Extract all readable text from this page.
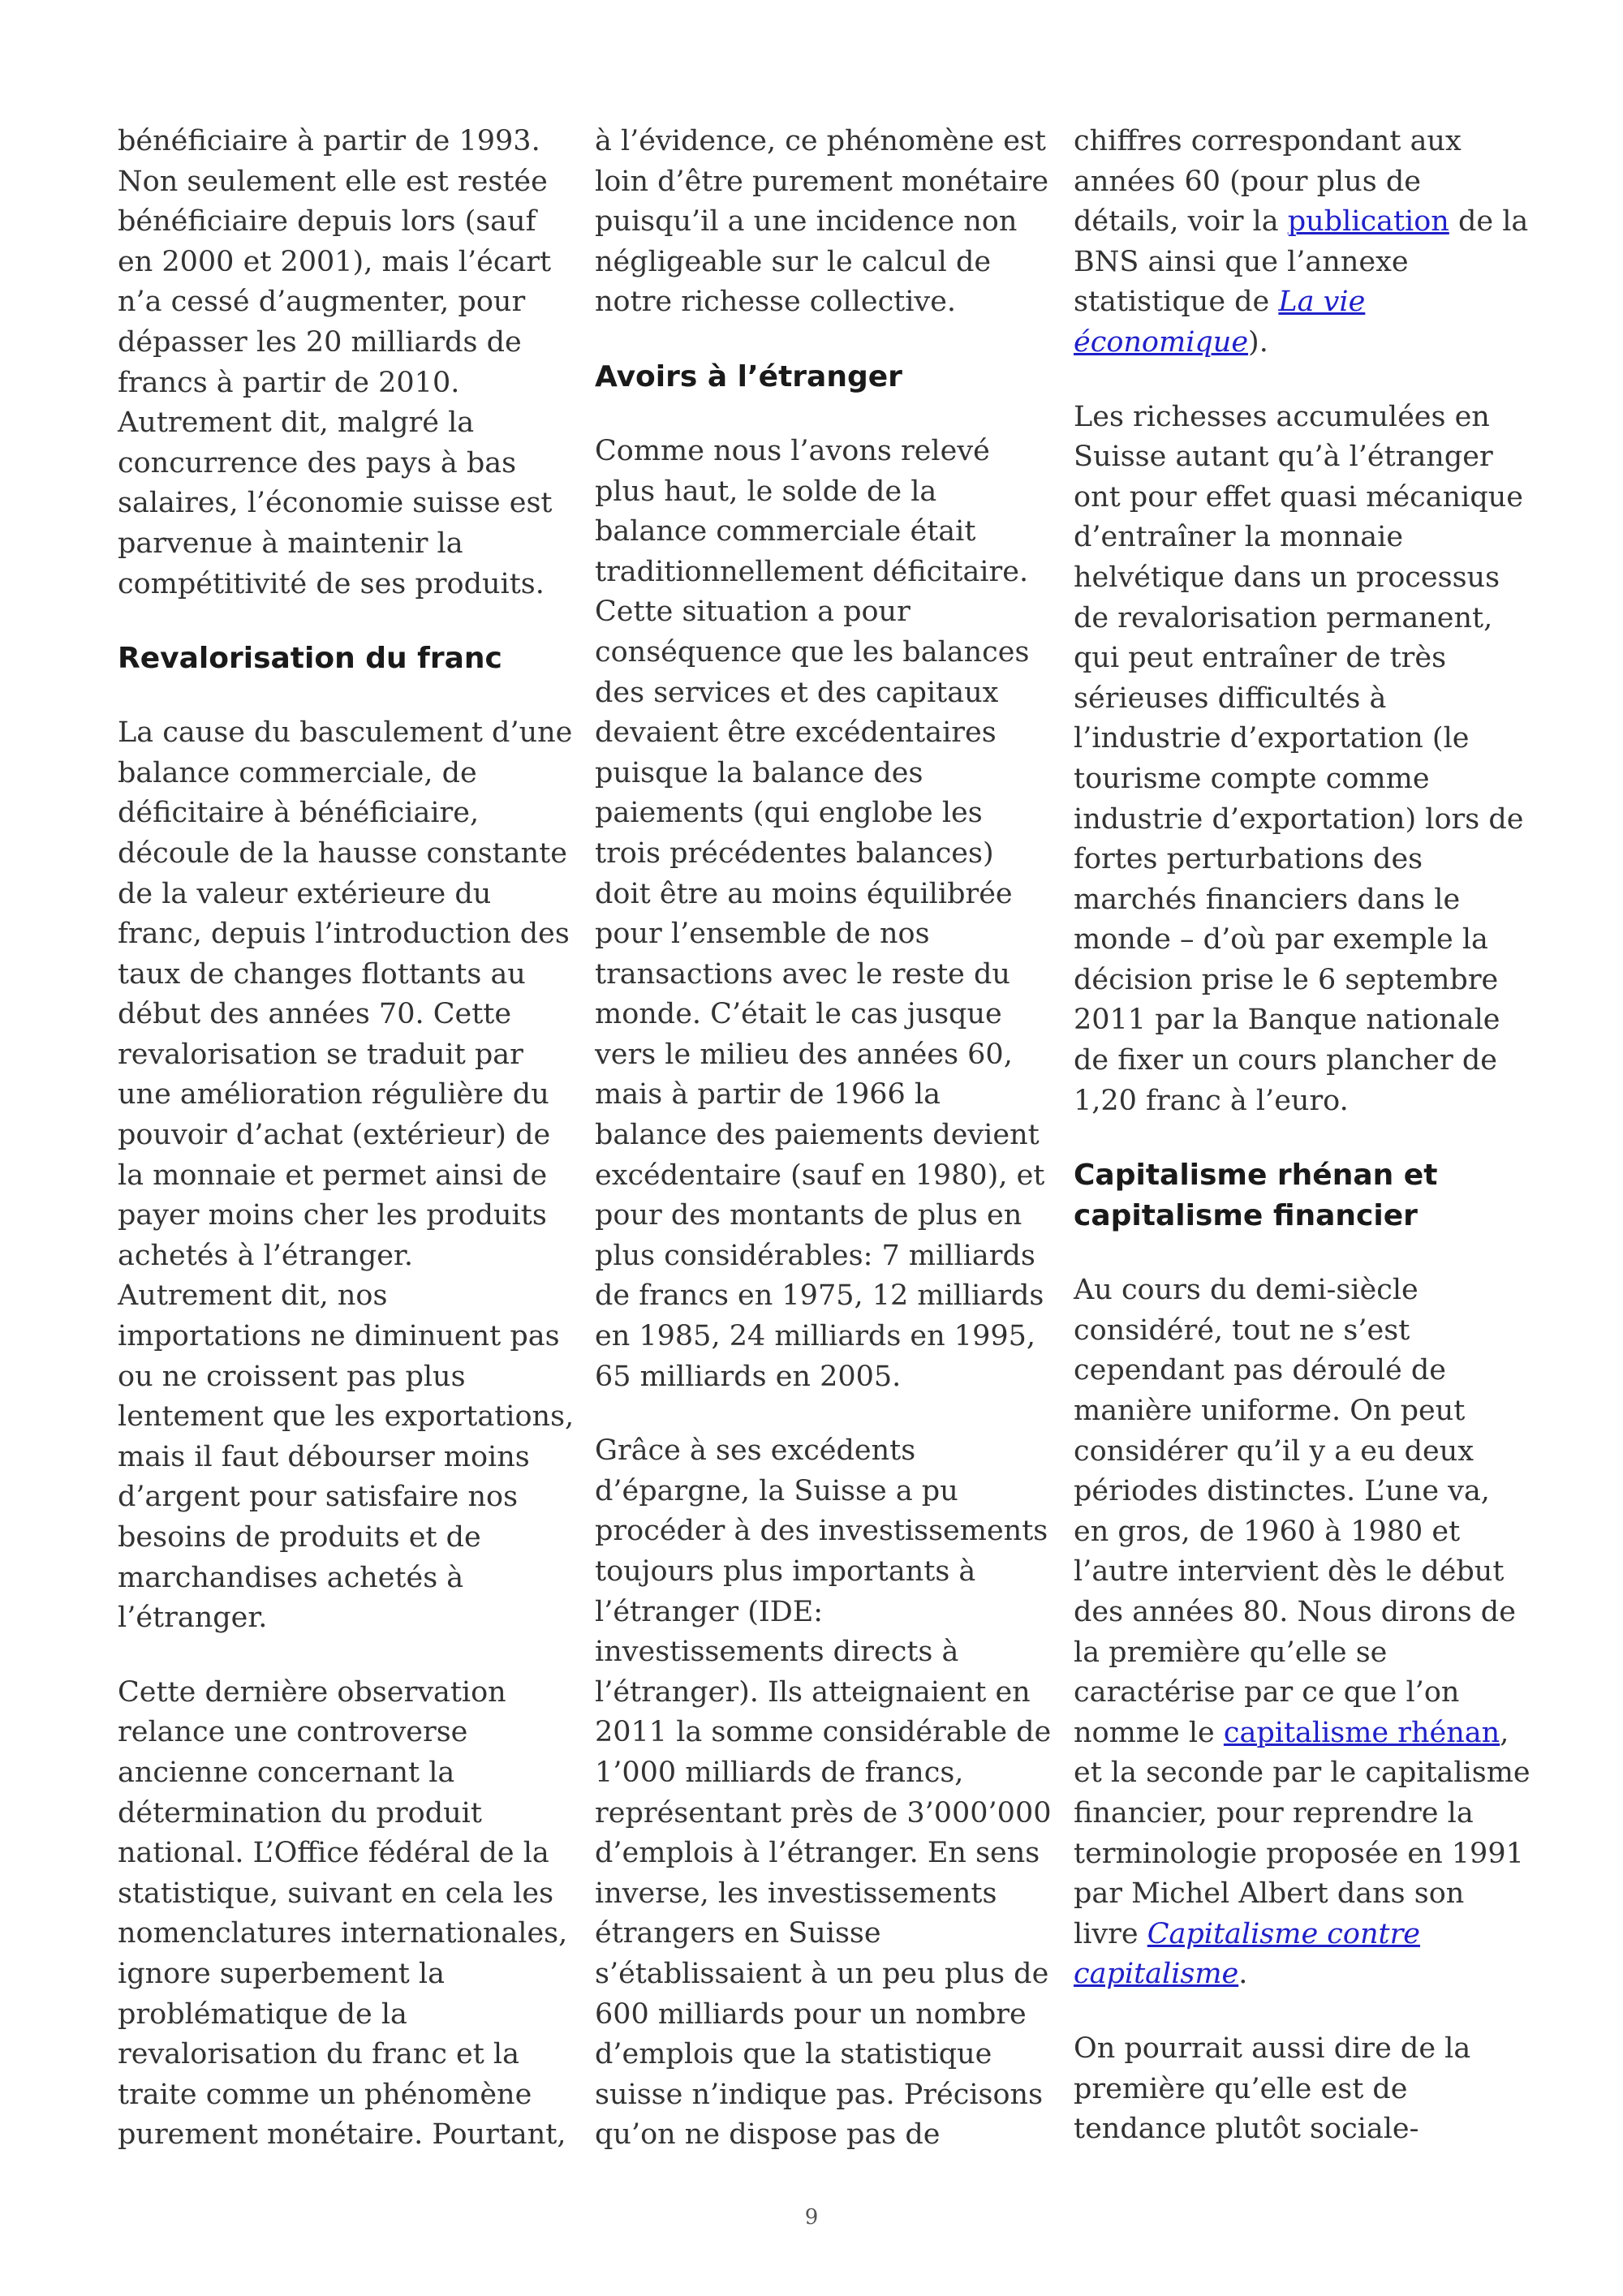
bénéficiaire à partir de 1993.
Non seulement elle est restée
bénéficiaire depuis lors (sauf
en 2000 et 2001), mais l’écart
n’a cessé d’augmenter, pour
dépasser les 20 milliards de
francs à partir de 2010.
Autrement dit, malgré la
concurrence des pays à bas
salaires, l’économie suisse est
parvenue à maintenir la
compétitivité de ses produits.
Revalorisation du franc
La cause du basculement d’une
balance commerciale, de
déficitaire à bénéficiaire,
découle de la hausse constante
de la valeur extérieure du
franc, depuis l’introduction des
taux de changes flottants au
début des années 70. Cette
revalorisation se traduit par
une amélioration régulière du
pouvoir d’achat (extérieur) de
la monnaie et permet ainsi de
payer moins cher les produits
achetés à l’étranger.
Autrement dit, nos
importations ne diminuent pas
ou ne croissent pas plus
lentement que les exportations,
mais il faut débourser moins
d’argent pour satisfaire nos
besoins de produits et de
marchandises achetés à
l’étranger.
Cette dernière observation
relance une controverse
ancienne concernant la
détermination du produit
national. L’Office fédéral de la
statistique, suivant en cela les
nomenclatures internationales,
ignore superbement la
problématique de la
revalorisation du franc et la
traite comme un phénomène
purement monétaire. Pourtant,
à l’évidence, ce phénomène est
loin d’être purement monétaire
puisqu’il a une incidence non
négligeable sur le calcul de
notre richesse collective.
Avoirs à l’étranger
Comme nous l’avons relevé
plus haut, le solde de la
balance commerciale était
traditionnellement déficitaire.
Cette situation a pour
conséquence que les balances
des services et des capitaux
devaient être excédentaires
puisque la balance des
paiements (qui englobe les
trois précédentes balances)
doit être au moins équilibrée
pour l’ensemble de nos
transactions avec le reste du
monde. C’était le cas jusque
vers le milieu des années 60,
mais à partir de 1966 la
balance des paiements devient
excédentaire (sauf en 1980), et
pour des montants de plus en
plus considérables: 7 milliards
de francs en 1975, 12 milliards
en 1985, 24 milliards en 1995,
65 milliards en 2005.
Grâce à ses excédents
d’épargne, la Suisse a pu
procéder à des investissements
toujours plus importants à
l’étranger (IDE:
investissements directs à
l’étranger). Ils atteignaient en
2011 la somme considérable de
1’000 milliards de francs,
représentant près de 3’000’000
d’emplois à l’étranger. En sens
inverse, les investissements
étrangers en Suisse
s’établissaient à un peu plus de
600 milliards pour un nombre
d’emplois que la statistique
suisse n’indique pas. Précisons
qu’on ne dispose pas de
chiffres correspondant aux
années 60 (pour plus de
détails, voir la publication de la
BNS ainsi que l’annexe
statistique de La vie
économique).
Les richesses accumulées en
Suisse autant qu’à l’étranger
ont pour effet quasi mécanique
d’entraîner la monnaie
helvétique dans un processus
de revalorisation permanent,
qui peut entraîner de très
sérieuses difficultés à
l’industrie d’exportation (le
tourisme compte comme
industrie d’exportation) lors de
fortes perturbations des
marchés financiers dans le
monde – d’où par exemple la
décision prise le 6 septembre
2011 par la Banque nationale
de fixer un cours plancher de
1,20 franc à l’euro.
Capitalisme rhénan et
capitalisme financier
Au cours du demi-siècle
considéré, tout ne s’est
cependant pas déroulé de
manière uniforme. On peut
considérer qu’il y a eu deux
périodes distinctes. L’une va,
en gros, de 1960 à 1980 et
l’autre intervient dès le début
des années 80. Nous dirons de
la première qu’elle se
caractérise par ce que l’on
nomme le capitalisme rhénan,
et la seconde par le capitalisme
financier, pour reprendre la
terminologie proposée en 1991
par Michel Albert dans son
livre Capitalisme contre
capitalisme.
On pourrait aussi dire de la
première qu’elle est de
tendance plutôt sociale-
9
